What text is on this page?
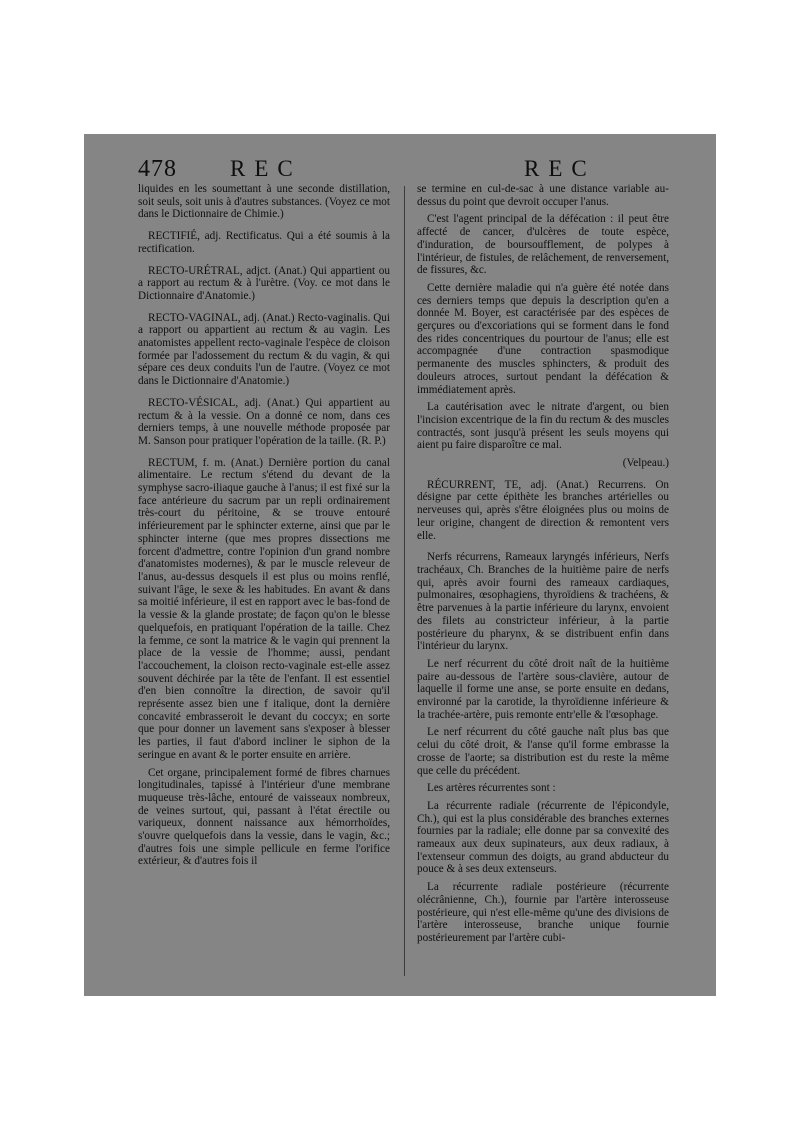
478 REC	REC

liquides en les soumettant à une seconde distillation, soit seuls, soit unis à d'autres substances. (Voyez ce mot dans le Dictionnaire de Chimie.)

RECTIFIÉ, adj. Rectificatus. Qui a été soumis à la rectification.

RECTO-URÉTRAL, adjct. (Anat.) Qui appartient ou a rapport au rectum & à l'urètre. (Voy. ce mot dans le Dictionnaire d'Anatomie.)

RECTO-VAGINAL, adj. (Anat.) Recto-vaginalis. Qui a rapport ou appartient au rectum & au vagin. Les anatomistes appellent recto-vaginale l'espèce de cloison formée par l'adossement du rectum & du vagin, & qui sépare ces deux conduits l'un de l'autre. (Voyez ce mot dans le Dictionnaire d'Anatomie.)

RECTO-VÉSICAL, adj. (Anat.) Qui appartient au rectum & à la vessie. On a donné ce nom, dans ces derniers temps, à une nouvelle méthode proposée par M. Sanson pour pratiquer l'opération de la taille. (R. P.)

RECTUM, f. m. (Anat.) Dernière portion du canal alimentaire. Le rectum s'étend du devant de la symphyse sacro-iliaque gauche à l'anus; il est fixé sur la face antérieure du sacrum par un repli ordinairement très-court du péritoine, & se trouve entouré inférieurement par le sphincter externe, ainsi que par le sphincter interne (que mes propres dissections me forcent d'admettre, contre l'opinion d'un grand nombre d'anatomistes modernes), & par le muscle releveur de l'anus, au-dessus desquels il est plus ou moins renflé, suivant l'âge, le sexe & les habitudes. En avant & dans sa moitié inférieure, il est en rapport avec le bas-fond de la vessie & la glande prostate; de façon qu'on le blesse quelquefois, en pratiquant l'opération de la taille. Chez la femme, ce sont la matrice & le vagin qui prennent la place de la vessie de l'homme; aussi, pendant l'accouchement, la cloison recto-vaginale est-elle assez souvent déchirée par la tête de l'enfant. Il est essentiel d'en bien connoître la direction, de savoir qu'il représente assez bien une f italique, dont la dernière concavité embrasseroit le devant du coccyx; en sorte que pour donner un lavement sans s'exposer à blesser les parties, il faut d'abord incliner le siphon de la seringue en avant & le porter ensuite en arrière.

Cet organe, principalement formé de fibres charnues longitudinales, tapissé à l'intérieur d'une membrane muqueuse très-lâche, entouré de vaisseaux nombreux, de veines surtout, qui, passant à l'état érectile ou variqueux, donnent naissance aux hémorrhoïdes, s'ouvre quelquefois dans la vessie, dans le vagin, &c.; d'autres fois une simple pellicule en ferme l'orifice extérieur, & d'autres fois il

se termine en cul-de-sac à une distance variable au-dessus du point que devroit occuper l'anus.

C'est l'agent principal de la défécation : il peut être affecté de cancer, d'ulcères de toute espèce, d'induration, de boursoufflement, de polypes à l'intérieur, de fistules, de relâchement, de renversement, de fissures, &c.

Cette dernière maladie qui n'a guère été notée dans ces derniers temps que depuis la description qu'en a donnée M. Boyer, est caractérisée par des espèces de gerçures ou d'excoriations qui se forment dans le fond des rides concentriques du pourtour de l'anus; elle est accompagnée d'une contraction spasmodique permanente des muscles sphincters, & produit des douleurs atroces, surtout pendant la défécation & immédiatement après.

La cautérisation avec le nitrate d'argent, ou bien l'incision excentrique de la fin du rectum & des muscles contractés, sont jusqu'à présent les seuls moyens qui aient pu faire disparoître ce mal.

(Velpeau.)

RÉCURRENT, TE, adj. (Anat.) Recurrens. On désigne par cette épithète les branches artérielles ou nerveuses qui, après s'être éloignées plus ou moins de leur origine, changent de direction & remontent vers elle.

Nerfs récurrens, Rameaux laryngés inférieurs, Nerfs trachéaux, Ch. Branches de la huitième paire de nerfs qui, après avoir fourni des rameaux cardiaques, pulmonaires, œsophagiens, thyroïdiens & trachéens, & être parvenues à la partie inférieure du larynx, envoient des filets au constricteur inférieur, à la partie postérieure du pharynx, & se distribuent enfin dans l'intérieur du larynx.

Le nerf récurrent du côté droit naît de la huitième paire au-dessous de l'artère sous-clavière, autour de laquelle il forme une anse, se porte ensuite en dedans, environné par la carotide, la thyroïdienne inférieure & la trachée-artère, puis remonte entr'elle & l'œsophage.

Le nerf récurrent du côté gauche naît plus bas que celui du côté droit, & l'anse qu'il forme embrasse la crosse de l'aorte; sa distribution est du reste la même que celle du précédent.

Les artères récurrentes sont :

La récurrente radiale (récurrente de l'épicondyle, Ch.), qui est la plus considérable des branches externes fournies par la radiale; elle donne par sa convexité des rameaux aux deux supinateurs, aux deux radiaux, à l'extenseur commun des doigts, au grand abducteur du pouce & à ses deux extenseurs.

La récurrente radiale postérieure (récurrente olécrânienne, Ch.), fournie par l'artère interosseuse postérieure, qui n'est elle-même qu'une des divisions de l'artère interosseuse, branche unique fournie postérieurement par l'artère cubi-
